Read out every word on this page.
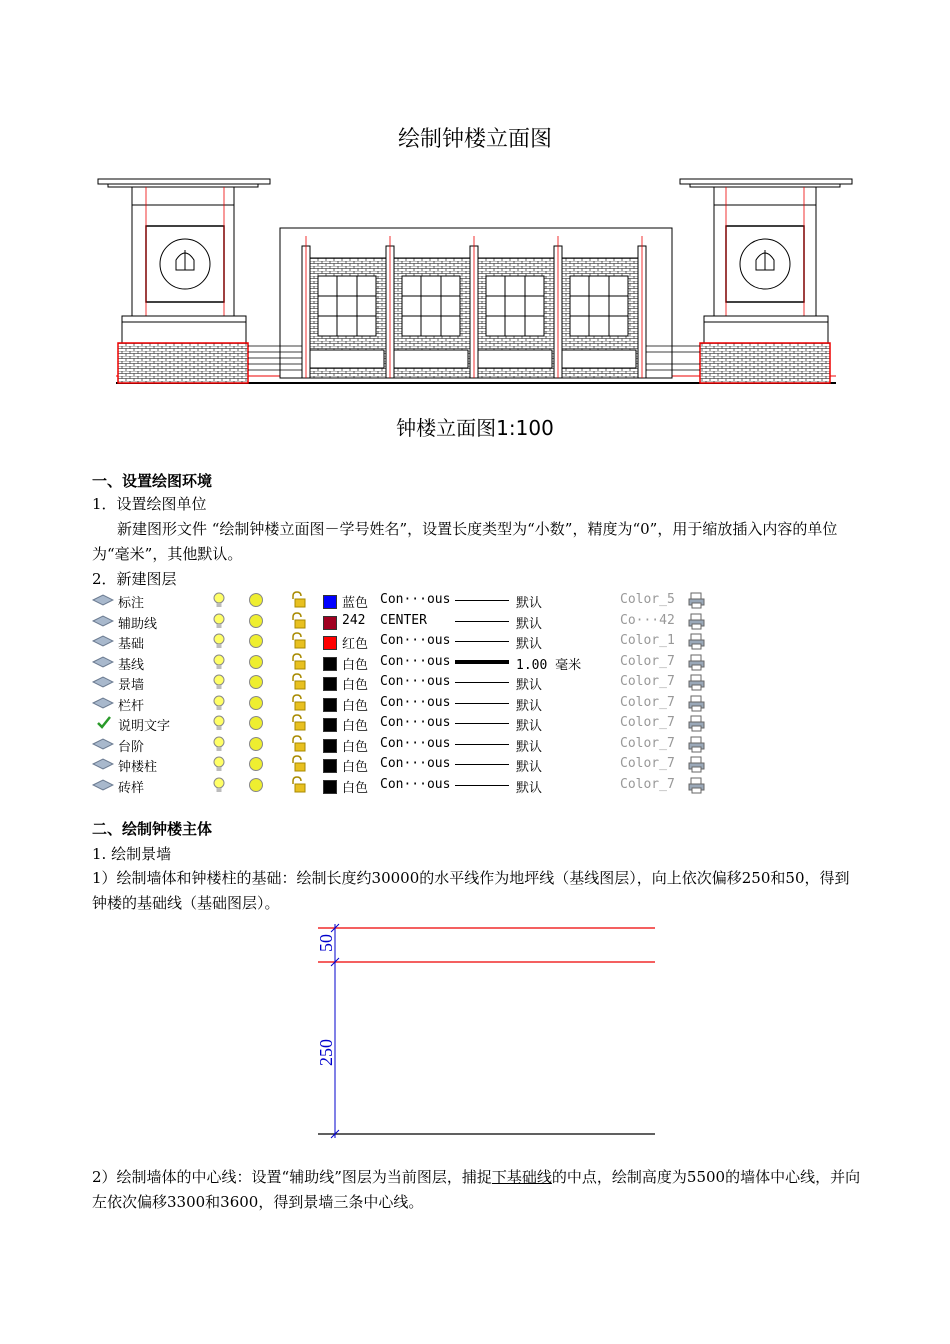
绘制钟楼立面图
钟楼立面图1:100
一、设置绘图环境
1．设置绘图单位
新建图形文件 “绘制钟楼立面图－学号姓名”，设置长度类型为“小数”，精度为“0”，用于缩放插入内容的单位为“毫米”，其他默认。
2．新建图层
标注	蓝色 Con···ous	默认	Color_5
辅助线	242 CENTER	默认	Co···42
基础	红色 Con···ous	默认	Color_1
基线	白色 Con···ous	1.00 毫米	Color_7
景墙	白色 Con···ous	默认	Color_7
栏杆	白色 Con···ous	默认	Color_7
说明文字	白色 Con···ous	默认	Color_7
台阶	白色 Con···ous	默认	Color_7
钟楼柱	白色 Con···ous	默认	Color_7
砖样	白色 Con···ous	默认	Color_7
二、绘制钟楼主体
1. 绘制景墙
1）绘制墙体和钟楼柱的基础：绘制长度约30000的水平线作为地坪线（基线图层），向上依次偏移250和50，得到钟楼的基础线（基础图层）。
50
250
2）绘制墙体的中心线：设置“辅助线”图层为当前图层，捕捉下基础线的中点，绘制高度为5500的墙体中心线，并向左依次偏移3300和3600，得到景墙三条中心线。
